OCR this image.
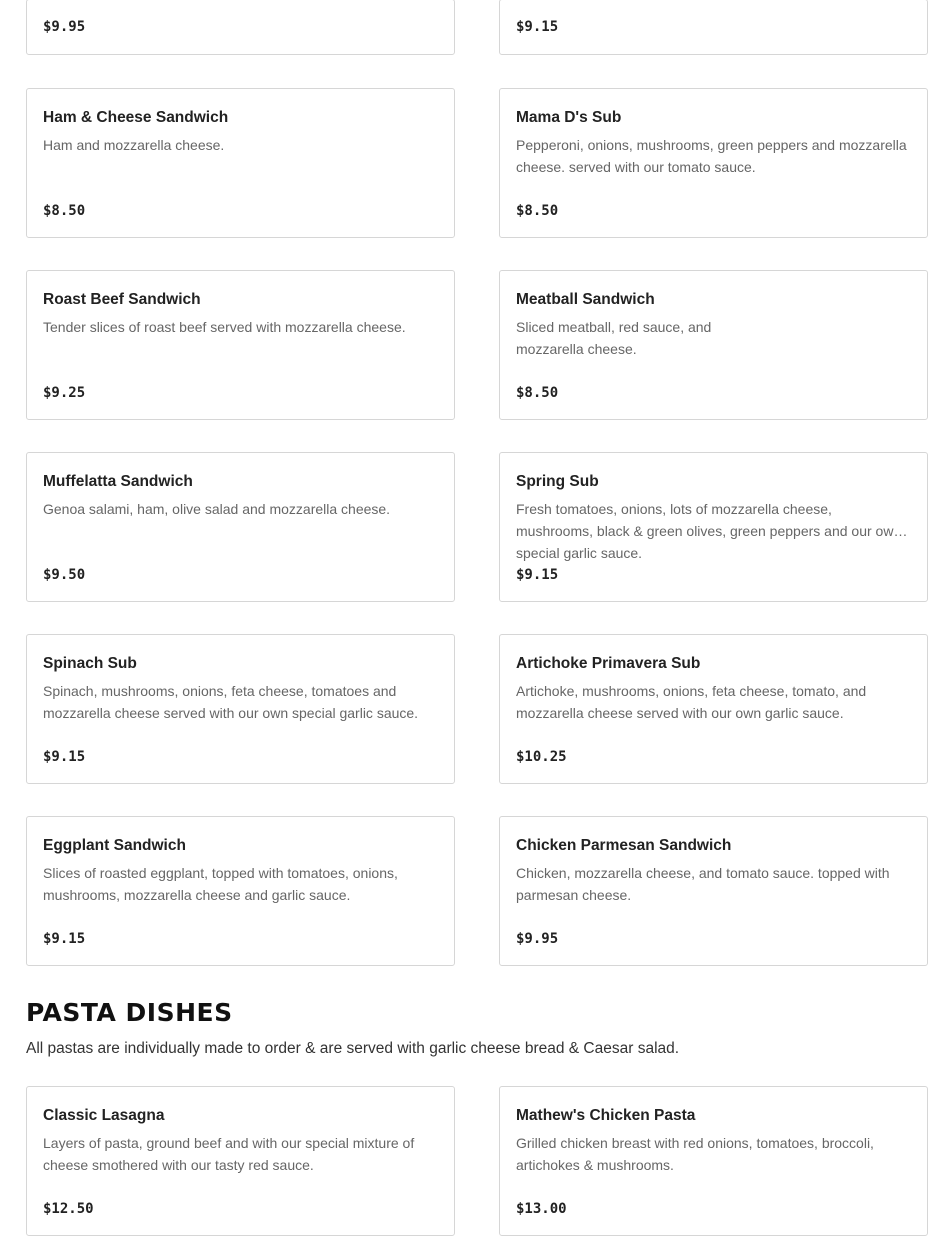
$9.95	$9.15
Ham & Cheese Sandwich
Ham and mozzarella cheese.
$8.50
Mama D's Sub
Pepperoni, onions, mushrooms, green peppers and mozzarella cheese. served with our tomato sauce.
$8.50
Roast Beef Sandwich
Tender slices of roast beef served with mozzarella cheese.
$9.25
Meatball Sandwich
Sliced meatball, red sauce, and mozzarella cheese.
$8.50
Muffelatta Sandwich
Genoa salami, ham, olive salad and mozzarella cheese.
$9.50
Spring Sub
Fresh tomatoes, onions, lots of mozzarella cheese, mushrooms, black & green olives, green peppers and our own special garlic sauce.
$9.15
Spinach Sub
Spinach, mushrooms, onions, feta cheese, tomatoes and mozzarella cheese served with our own special garlic sauce.
$9.15
Artichoke Primavera Sub
Artichoke, mushrooms, onions, feta cheese, tomato, and mozzarella cheese served with our own garlic sauce.
$10.25
Eggplant Sandwich
Slices of roasted eggplant, topped with tomatoes, onions, mushrooms, mozzarella cheese and garlic sauce.
$9.15
Chicken Parmesan Sandwich
Chicken, mozzarella cheese, and tomato sauce. topped with parmesan cheese.
$9.95
PASTA DISHES

All pastas are individually made to order & are served with garlic cheese bread & Caesar salad.

Classic Lasagna
Layers of pasta, ground beef and with our special mixture of cheese smothered with our tasty red sauce.
$12.50
Mathew's Chicken Pasta
Grilled chicken breast with red onions, tomatoes, broccoli, artichokes & mushrooms.
$13.00
